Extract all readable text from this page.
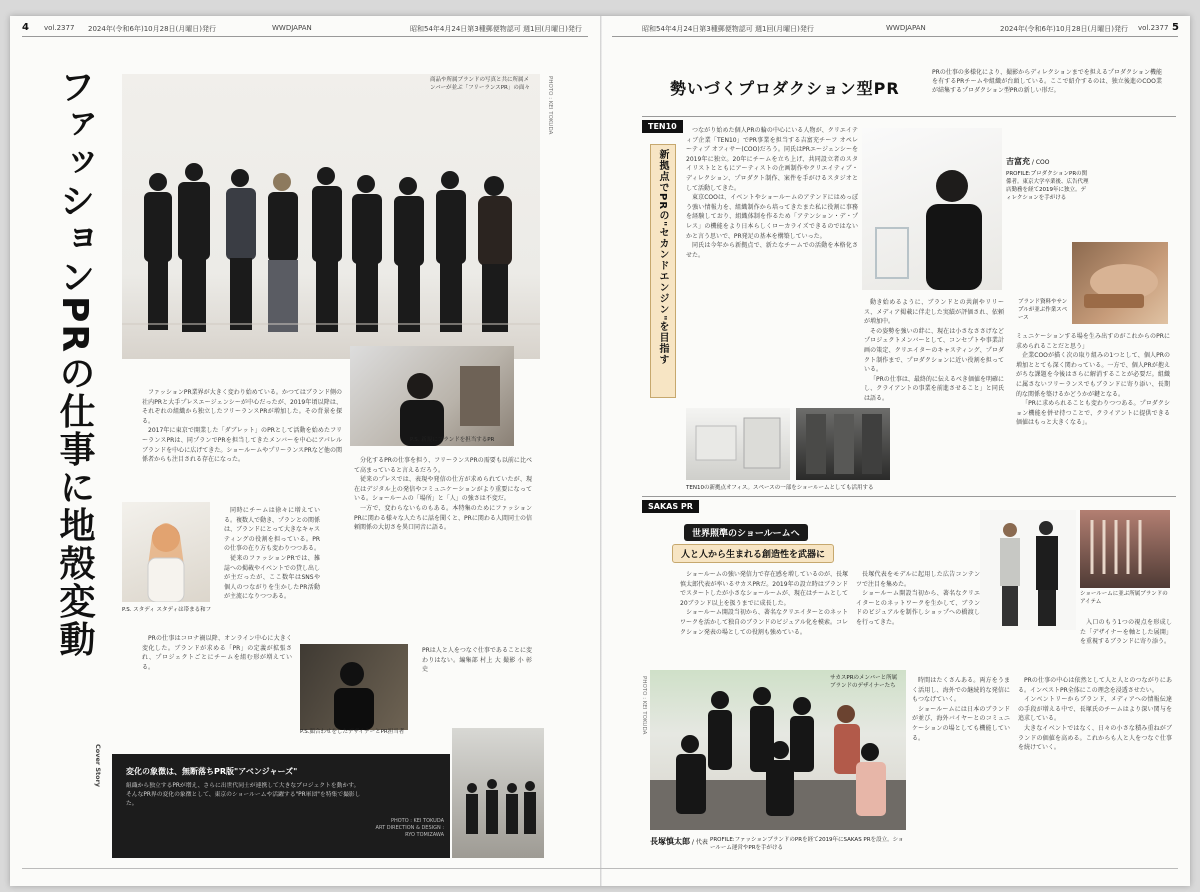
4 vol.2377 2024年(令和6年)10月28日(月曜日)発行	WWDJAPAN	昭和54年4月24日第3種郵便物認可 週1回(月曜日)発行	昭和54年4月24日第3種郵便物認可 週1回(月曜日)発行	WWDJAPAN	2024年(令和6年)10月28日(月曜日)発行 vol.2377 5
ファッションPRの仕事に地殻変動	商品や所属ブランドの写真と共に所属メンバーが並ぶ「フリーランスPR」の面々	PHOTO : KEI TOKUDA
P.S. 新規にブランドを担当するPR
P.S. スタディ スタディは帯まる和フ
P.S.顔合わせをしたデザイナーとPR担当者

ファッションPR業界が大きく変わり始めている。かつてはブランド側の社内PRと大手プレスエージェンシーが中心だったが、2019年頃以降は、それぞれの組織から独立したフリーランスPRが増加した。その背景を探る。

2017年に東京で開業した「ダブレット」のPRとして活動を始めたフリーランスPRは、同プランでPRを担当してきたメンバーを中心にアパレルブランドを中心に広げてきた。ショールームやプリーランスPRなど他の関係者からも注目される存在になった。

同時にチームは徐々に増えている。複数人で動き、プランとの関係は、ブランドにとって大きなキャスティングの役割を担っている。PRの仕事の在り方も変わりつつある。

従来のファッションPRでは、雑誌への掲載やイベントでの貸し出しが主だったが、ここ数年はSNSや個人のつながりを生かしたPR活動が主流になりつつある。

PRの仕事はコロナ禍以降、オンライン中心に大きく変化した。ブランドが求める「PR」の定義が拡張され、プロジェクトごとにチームを組む形が増えている。

分化するPRの仕事を担う、フリーランスPRの需要も以前に比べて高まっていると言えるだろう。

従来のプレスでは、表現や発信の仕方が求められていたが、現在はデジタル上の発信やコミュニケーションがより重要になっている。ショールームの「場所」と「人」の強さは不変だ。

一方で、変わらないものもある。本特集のためにファッションPRに関わる様々な人たちに話を聞くと、PRに関わる人間同士の信頼関係の大切さを異口同音に語る。

PRは人と人をつなぐ仕事であることに変わりはない。編集部 村上 大 撮影 小 彰史

Cover Story	変化の象徴は、無断落ちPR版"アベンジャーズ"
組織から独立するPRが増え、さらに出世代同士が連携して大きなプロジェクトを動かす。そんなPR界の変化の象徴として、東京のショールームや活躍する"PR軍団"を特集で撮影した。
PHOTO : KEI TOKUDA
ART DIRECTION & DESIGN :
RYO TOMIZAWA
勢いづくプロダクション型PR
PRの仕事の多様化により、撮影からディレクションまでを担えるプロダクション機能を有するPRチームや組織が台頭している。ここで紹介するのは、独立後進のCOO業が結集するプロダクション型PRの新しい形だ。
TEN10
新拠点でPRの"セカンドエンジン"を目指す

つながり始めた個人PRの輪の中心にいる人物が、クリエイティブ企業「TEN10」でPR事業を担当する吉富充チーフ オペレーティブ オフィサー(COO)だろう。同氏はPRエージェンシーを2019年に独立。20年にチームを立ち上げ、共同設立者のスタイリストとともにアーティストの企画制作やクリエイティブ・ディレクション、プロダクト制作、案件を手がけるスタジオとして活動してきた。

東京COOは、イベントやショールームのアテンドにはめっぽう強い情報力を、組織制作から培ってきたまた私に役割に事務を経験しており、組織体制を作るため「アテンション・デ・プレス」の機能をより日本らしくローカライズできるのではないかと言う思いで、PR発足の基本を構築していった。

同氏は今年から新拠点で、新たなチームでの活動を本格化させた。

吉富充 / COO
PROFILE:プロダクションPRの関係者。東京大学卒業後、広告代理店勤務を経て2019年に独立。ディレクションを手がける
ブランド資料やサンプルが並ぶ作業スペース

動き始めるように、ブランドとの共創やリリース、メディア掲載に伴走した実績が評価され、依頼が増加中。

その姿勢を強いの絆に、現在は小さなささげなどプロジェクトメンバーとして、コンセプトや事業計画の策定、クリエイターのキャスティング、プロダクト制作まで、プロダクションに近い役割を担っている。

「PRの仕事は、最終的に伝えるべき価値を明確にし、クライアントの事業を前進させること」と同氏は語る。

ミュニケーションする場を生み出すのがこれからのPRに求められることだと思う」

企業COOが描く次の取り組みの1つとして、個人PRの増加ととても深く関わっている。一方で、個人PRが抱えがちな課題を今後はさらに解消することが必要だ。組織に属さないフリーランスでもブランドに寄り添い、長期的な関係を築けるかどうかが鍵となる。

「PRに求められることも変わりつつある。プロダクション機能を併せ持つことで、クライアントに提供できる価値はもっと大きくなる」。

TEN10の新拠点オフィス。スペースの一部をショールームとしても活用する
SAKAS PR
世界照準のショールームへ
人と人から生まれる創造性を武器に

ショールームの強い発信力で存在感を増しているのが、長塚慎太郎代表が率いるサカスPRだ。2019年の設立時はブランドでスタートしたが小さなショールームが、現在はチームとして20ブランド以上を扱うまでに成長した。

ショールーム開設当初から、著名なクリエイターとのネットワークを活かして独自のブランドのビジュアル化を模索。コレクション発表の場としての役割も強めている。

長塚代表をモデルに起用した広告コンテンツで注目を集めた。

ショールーム開設当初から、著名なクリエイターとのネットワークを生かして、ブランドのビジュアルを制作しショップへの橋渡しを行ってきた。

ショールームに並ぶ所属ブランドのアイテム

入口のもう1つの視点を形成した「デザイナーを軸とした展開」を重視するブランドに寄り添う。

サカスPRのメンバーと所属ブランドのデザイナーたち
長塚慎太郎 / 代表 PROFILE:ファッションブランドのPRを経て2019年にSAKAS PRを設立。ショールーム運営やPRを手がける

時間はたくさんある。両方をうまく活用し、海外での継続的な発信にもつなげていく。

ショールームには日本のブランドが並び、海外バイヤーとのコミュニケーションの場としても機能している。

PRの仕事の中心は依然として人と人とのつながりにある。インベストPR全体にこの理念を浸透させたい。

インベントリーからブランド、メディアへの情報伝達の手段が増える中で、長塚氏のチームはより深い関与を追求している。

大きなイベントではなく、日々の小さな積み重ねがブランドの価値を高める。これからも人と人をつなぐ仕事を続けていく。

PHOTO : KEI TOKUDA
